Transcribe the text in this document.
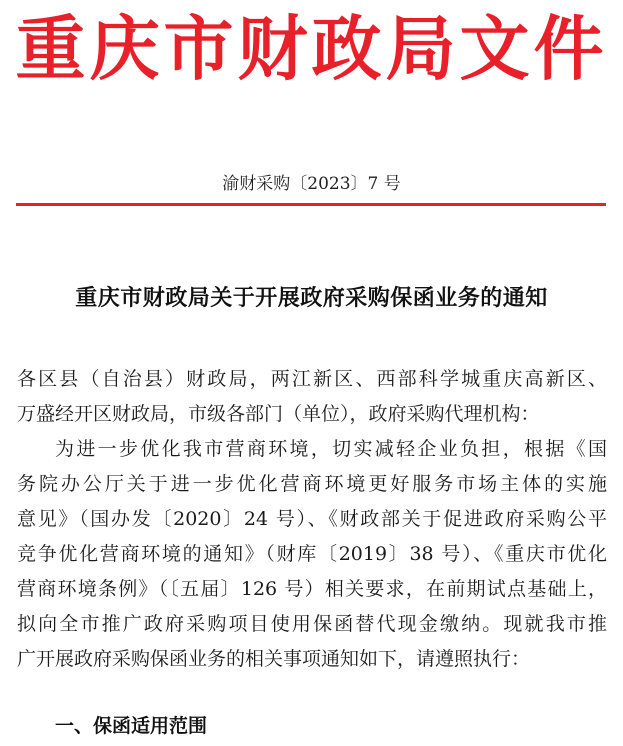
重庆市财政局文件
渝财采购〔2023〕7 号
重庆市财政局关于开展政府采购保函业务的通知
各区县（自治县）财政局，两江新区、西部科学城重庆高新区、
万盛经开区财政局，市级各部门（单位），政府采购代理机构：
为进一步优化我市营商环境，切实减轻企业负担，根据《国
务院办公厅关于进一步优化营商环境更好服务市场主体的实施
意见》（国办发〔2020〕24 号）、《财政部关于促进政府采购公平
竞争优化营商环境的通知》（财库〔2019〕38 号）、《重庆市优化
营商环境条例》（〔五届〕126 号）相关要求，在前期试点基础上，
拟向全市推广政府采购项目使用保函替代现金缴纳。现就我市推
广开展政府采购保函业务的相关事项通知如下，请遵照执行：
一、保函适用范围
